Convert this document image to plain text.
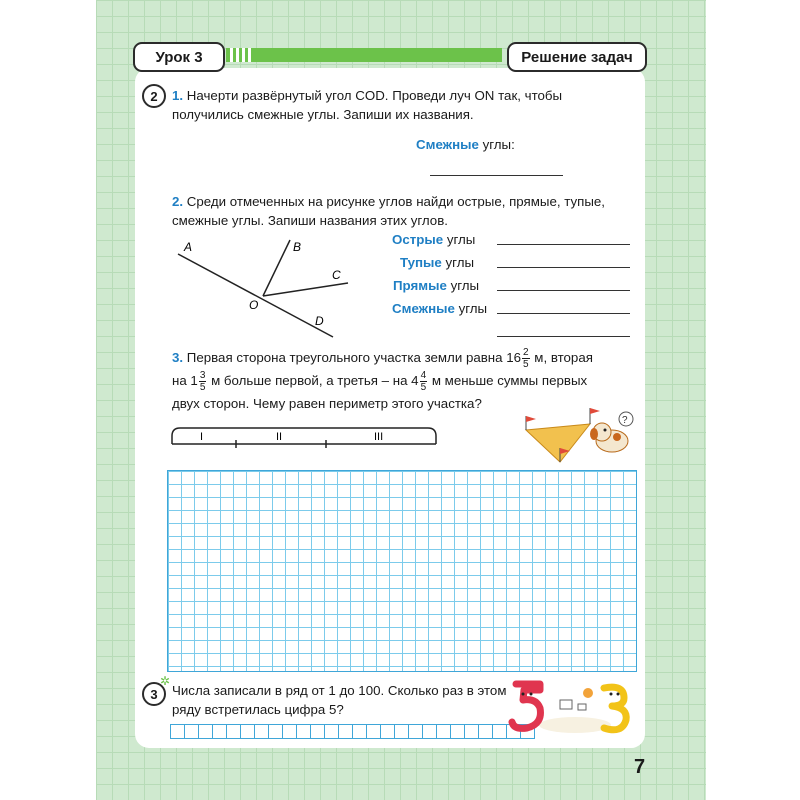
Урок 3	Решение задач
2	1. Начерти развёрнутый угол COD. Проведи луч ON так, чтобы получились смежные углы. Запиши их названия.
Смежные углы:
2. Среди отмеченных на рисунке углов найди острые, прямые, тупые, смежные углы. Запиши названия этих углов.
A	B
C
O
D
Острые углы
Тупые углы
Прямые углы
Смежные углы
3. Первая сторона треугольного участка земли равна $16 \frac{2}{5} м$, вторая
на $1 \frac{3}{5}$ м больше первой, а третья – на $4 \frac{4}{5}$ м меньше суммы первых
двух сторон. Чему равен периметр этого участка?
I	II	III
?
3
✲
Числа записали в ряд от 1 до 100. Сколько раз в этом ряду встретилась цифра 5?
7
